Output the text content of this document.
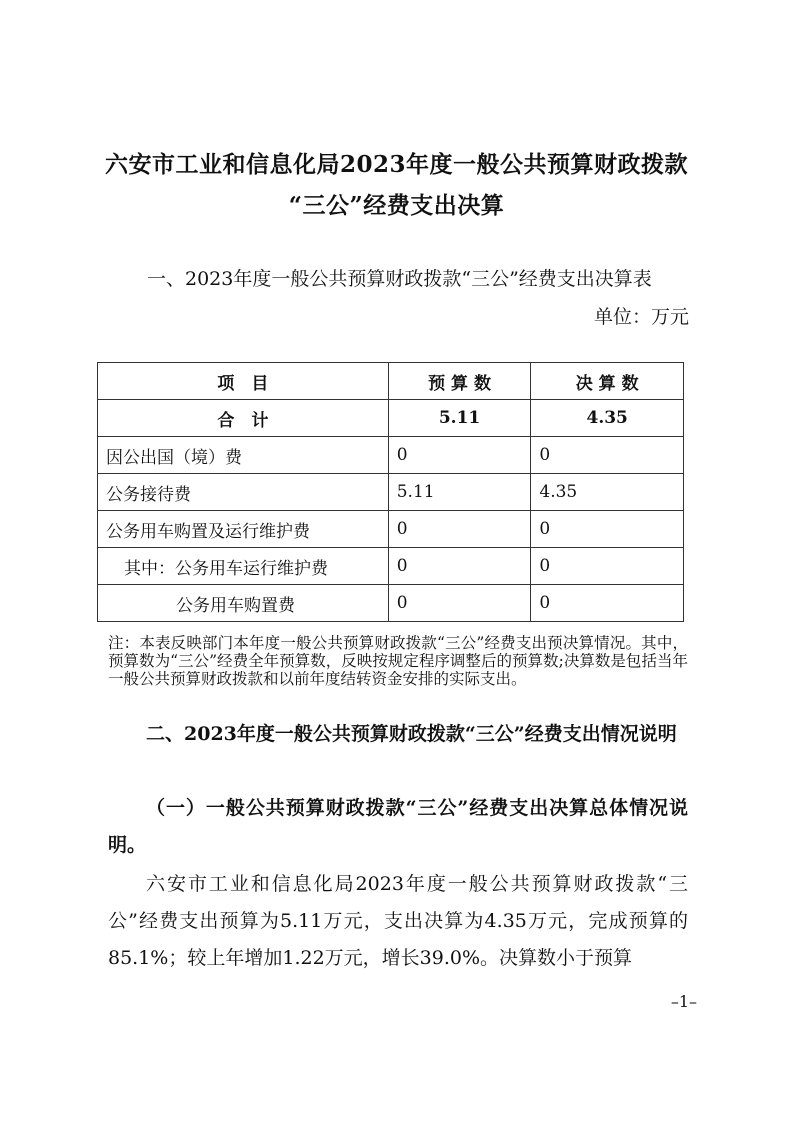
六安市工业和信息化局2023年度一般公共预算财政拨款
“三公”经费支出决算
一、2023年度一般公共预算财政拨款“三公”经费支出决算表
单位：万元
项　目	预 算 数	决 算 数
合　计	5.11	4.35
因公出国（境）费	0	0
公务接待费	5.11	4.35
公务用车购置及运行维护费	0	0
其中：公务用车运行维护费	0	0
公务用车购置费	0	0
注：本表反映部门本年度一般公共预算财政拨款“三公”经费支出预决算情况。其中，预算数为“三公”经费全年预算数，反映按规定程序调整后的预算数;决算数是包括当年一般公共预算财政拨款和以前年度结转资金安排的实际支出。
二、2023年度一般公共预算财政拨款“三公”经费支出情况说明
（一）一般公共预算财政拨款“三公”经费支出决算总体情况说明。
六安市工业和信息化局2023年度一般公共预算财政拨款“三公”经费支出预算为5.11万元，支出决算为4.35万元，完成预算的85.1%；较上年增加1.22万元，增长39.0%。决算数小于预算
–1–
